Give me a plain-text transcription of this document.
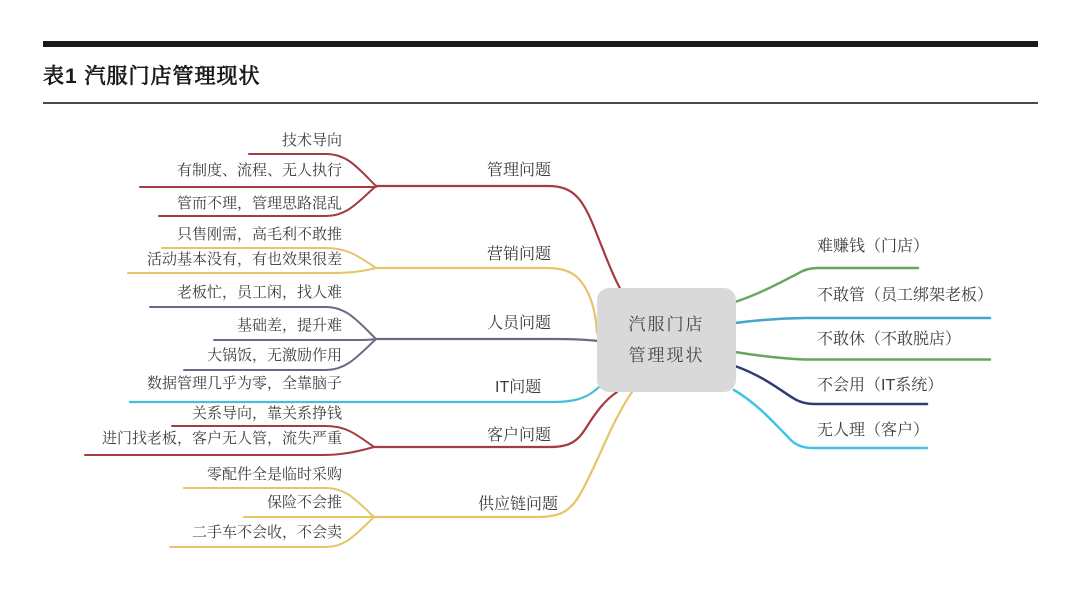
表1 汽服门店管理现状
汽服门店
管理现状
管理问题
营销问题
人员问题
IT问题
客户问题
供应链问题
技术导向
有制度、流程、无人执行
管而不理，管理思路混乱
只售刚需，高毛利不敢推
活动基本没有，有也效果很差
老板忙，员工闲，找人难
基础差，提升难
大锅饭，无激励作用
数据管理几乎为零，全靠脑子
关系导向，靠关系挣钱
进门找老板，客户无人管，流失严重
零配件全是临时采购
保险不会推
二手车不会收，不会卖
难赚钱（门店）
不敢管（员工绑架老板）
不敢休（不敢脱店）
不会用（IT系统）
无人理（客户）
